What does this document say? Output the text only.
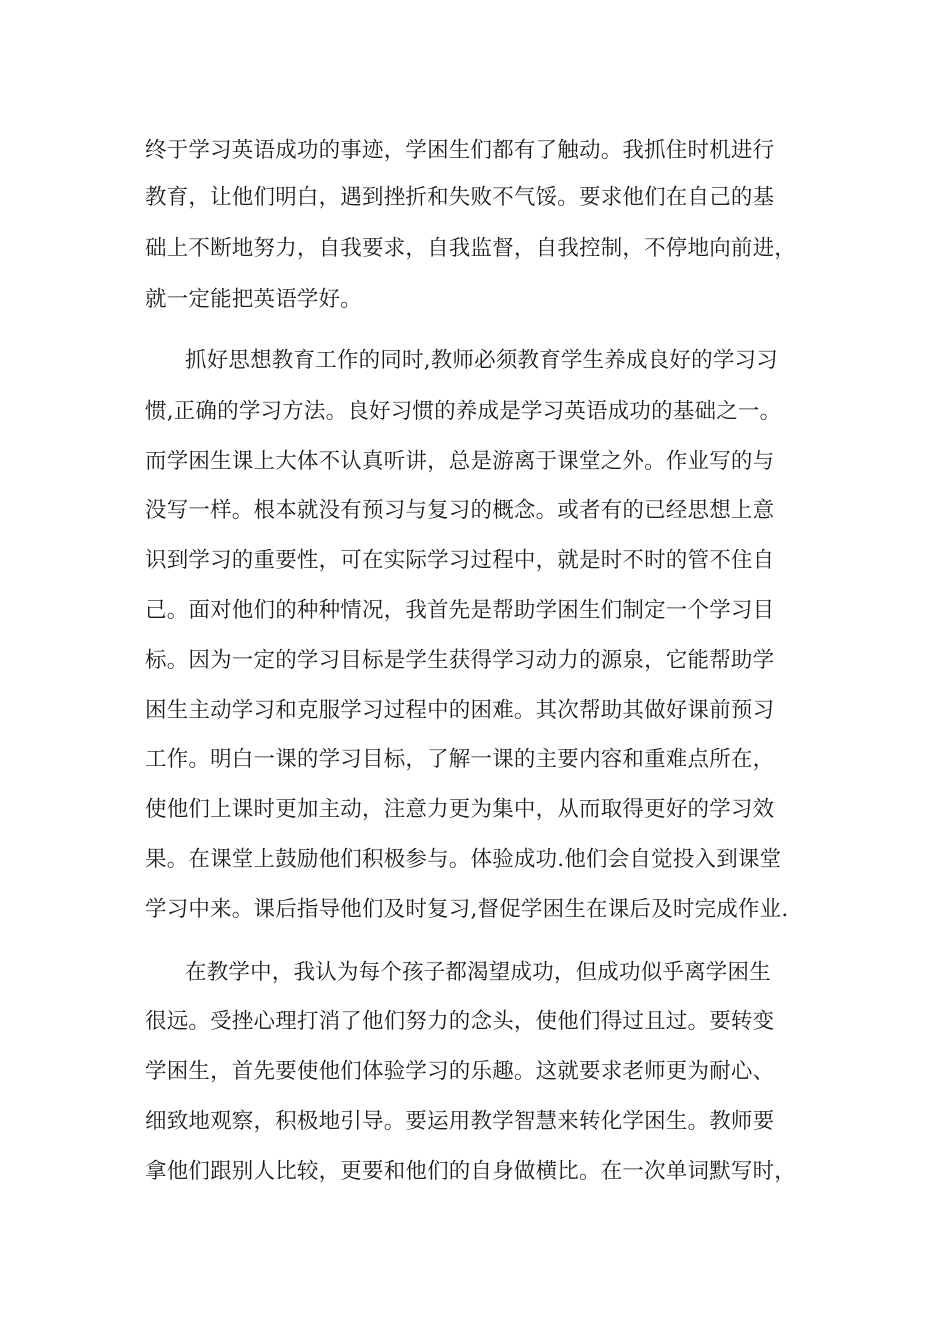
终于学习英语成功的事迹，学困生们都有了触动。我抓住时机进行
教育，让他们明白，遇到挫折和失败不气馁。要求他们在自己的基
础上不断地努力，自我要求，自我监督，自我控制，不停地向前进，
就一定能把英语学好。
抓好思想教育工作的同时,教师必须教育学生养成良好的学习习
惯,正确的学习方法。良好习惯的养成是学习英语成功的基础之一。
而学困生课上大体不认真听讲，总是游离于课堂之外。作业写的与
没写一样。根本就没有预习与复习的概念。或者有的已经思想上意
识到学习的重要性，可在实际学习过程中，就是时不时的管不住自
己。面对他们的种种情况，我首先是帮助学困生们制定一个学习目
标。因为一定的学习目标是学生获得学习动力的源泉，它能帮助学
困生主动学习和克服学习过程中的困难。其次帮助其做好课前预习
工作。明白一课的学习目标，了解一课的主要内容和重难点所在，
使他们上课时更加主动，注意力更为集中，从而取得更好的学习效
果。在课堂上鼓励他们积极参与。体验成功.他们会自觉投入到课堂
学习中来。课后指导他们及时复习,督促学困生在课后及时完成作业.
在教学中，我认为每个孩子都渴望成功，但成功似乎离学困生
很远。受挫心理打消了他们努力的念头，使他们得过且过。要转变
学困生，首先要使他们体验学习的乐趣。这就要求老师更为耐心、
细致地观察，积极地引导。要运用教学智慧来转化学困生。教师要
拿他们跟别人比较，更要和他们的自身做横比。在一次单词默写时，
